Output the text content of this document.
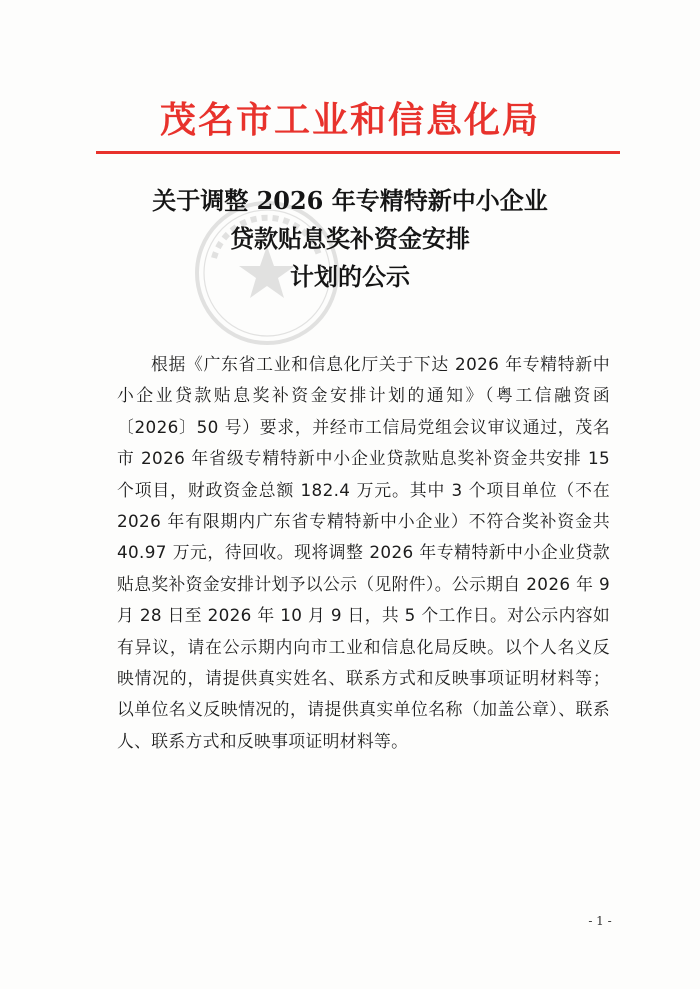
茂名市工业和信息化局
关于调整 2026 年专精特新中小企业
贷款贴息奖补资金安排
计划的公示
根据《广东省工业和信息化厅关于下达 2026 年专精特新中小企业贷款贴息奖补资金安排计划的通知》（粤工信融资函〔2026〕50 号）要求，并经市工信局党组会议审议通过，茂名市 2026 年省级专精特新中小企业贷款贴息奖补资金共安排 15 个项目，财政资金总额 182.4 万元。其中 3 个项目单位（不在 2026 年有限期内广东省专精特新中小企业）不符合奖补资金共 40.97 万元，待回收。现将调整 2026 年专精特新中小企业贷款贴息奖补资金安排计划予以公示（见附件）。公示期自 2026 年 9 月 28 日至 2026 年 10 月 9 日，共 5 个工作日。对公示内容如有异议，请在公示期内向市工业和信息化局反映。以个人名义反映情况的，请提供真实姓名、联系方式和反映事项证明材料等；以单位名义反映情况的，请提供真实单位名称（加盖公章）、联系人、联系方式和反映事项证明材料等。
- 1 -
